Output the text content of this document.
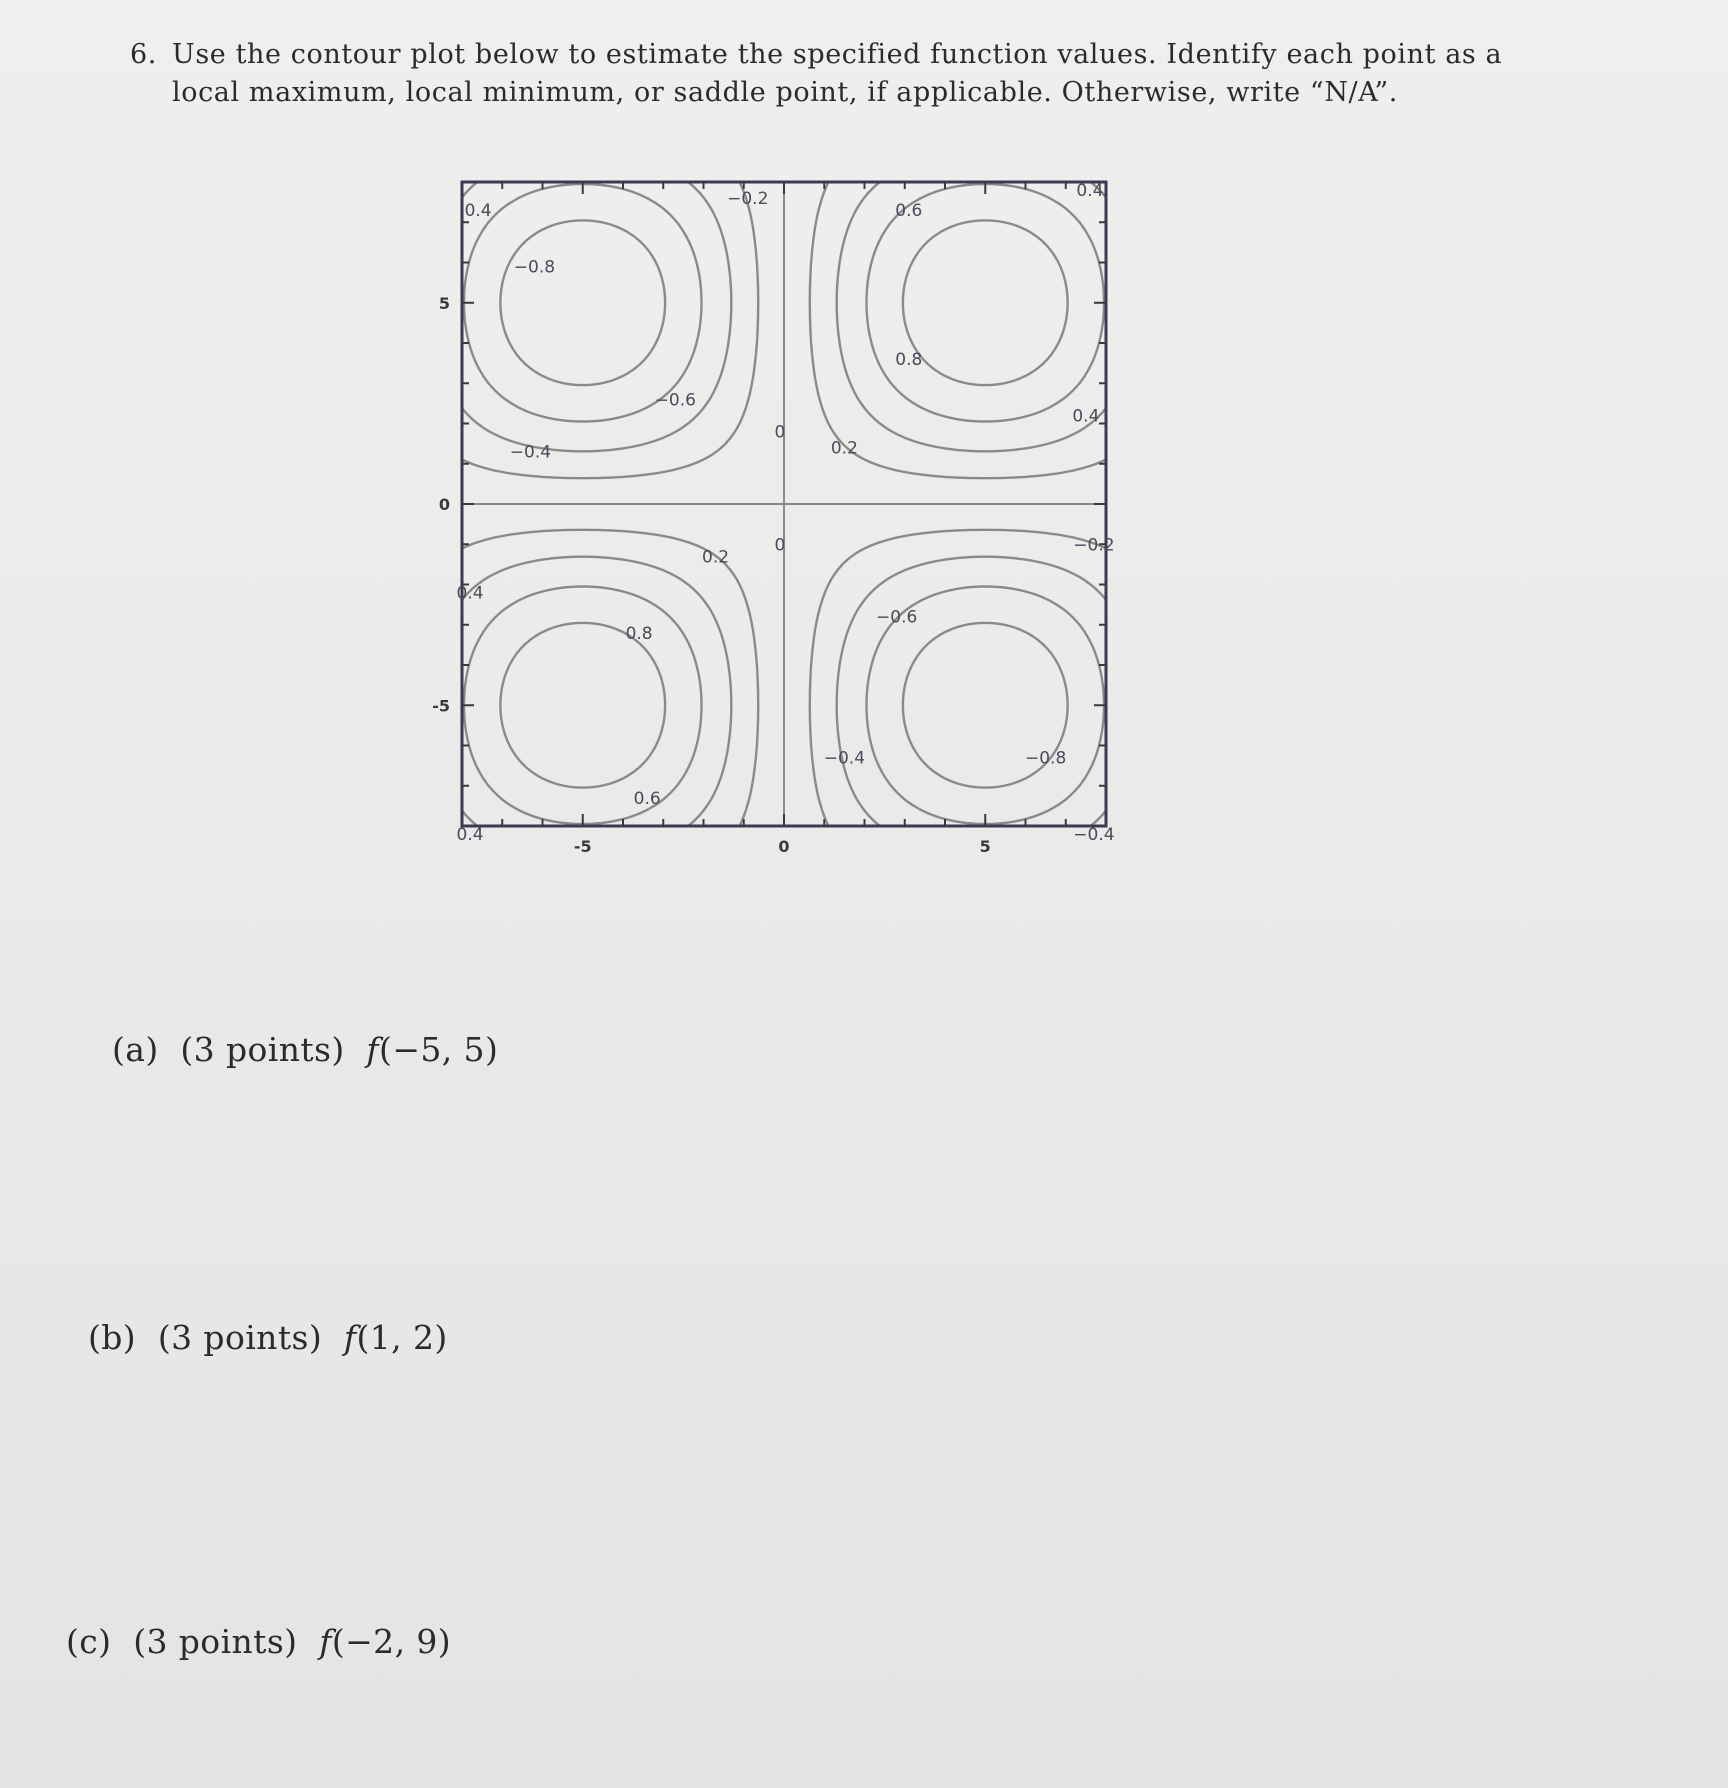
6. Use the contour plot below to estimate the specified function values. Identify each point as a
local maximum, local minimum, or saddle point, if applicable. Otherwise, write “N/A”.
-5	0	5
5
0
-5
0.4
−0.8
−0.6
−0.4
−0.2
0.6
0.8
0.4
0.2
0.4
0
0
0.2
0.4
0.8
0.6
0.4
−0.6
−0.4	−0.8
−0.2
−0.4
(a) (3 points) f(−5, 5)
(b) (3 points) f(1, 2)
(c) (3 points) f(−2, 9)
